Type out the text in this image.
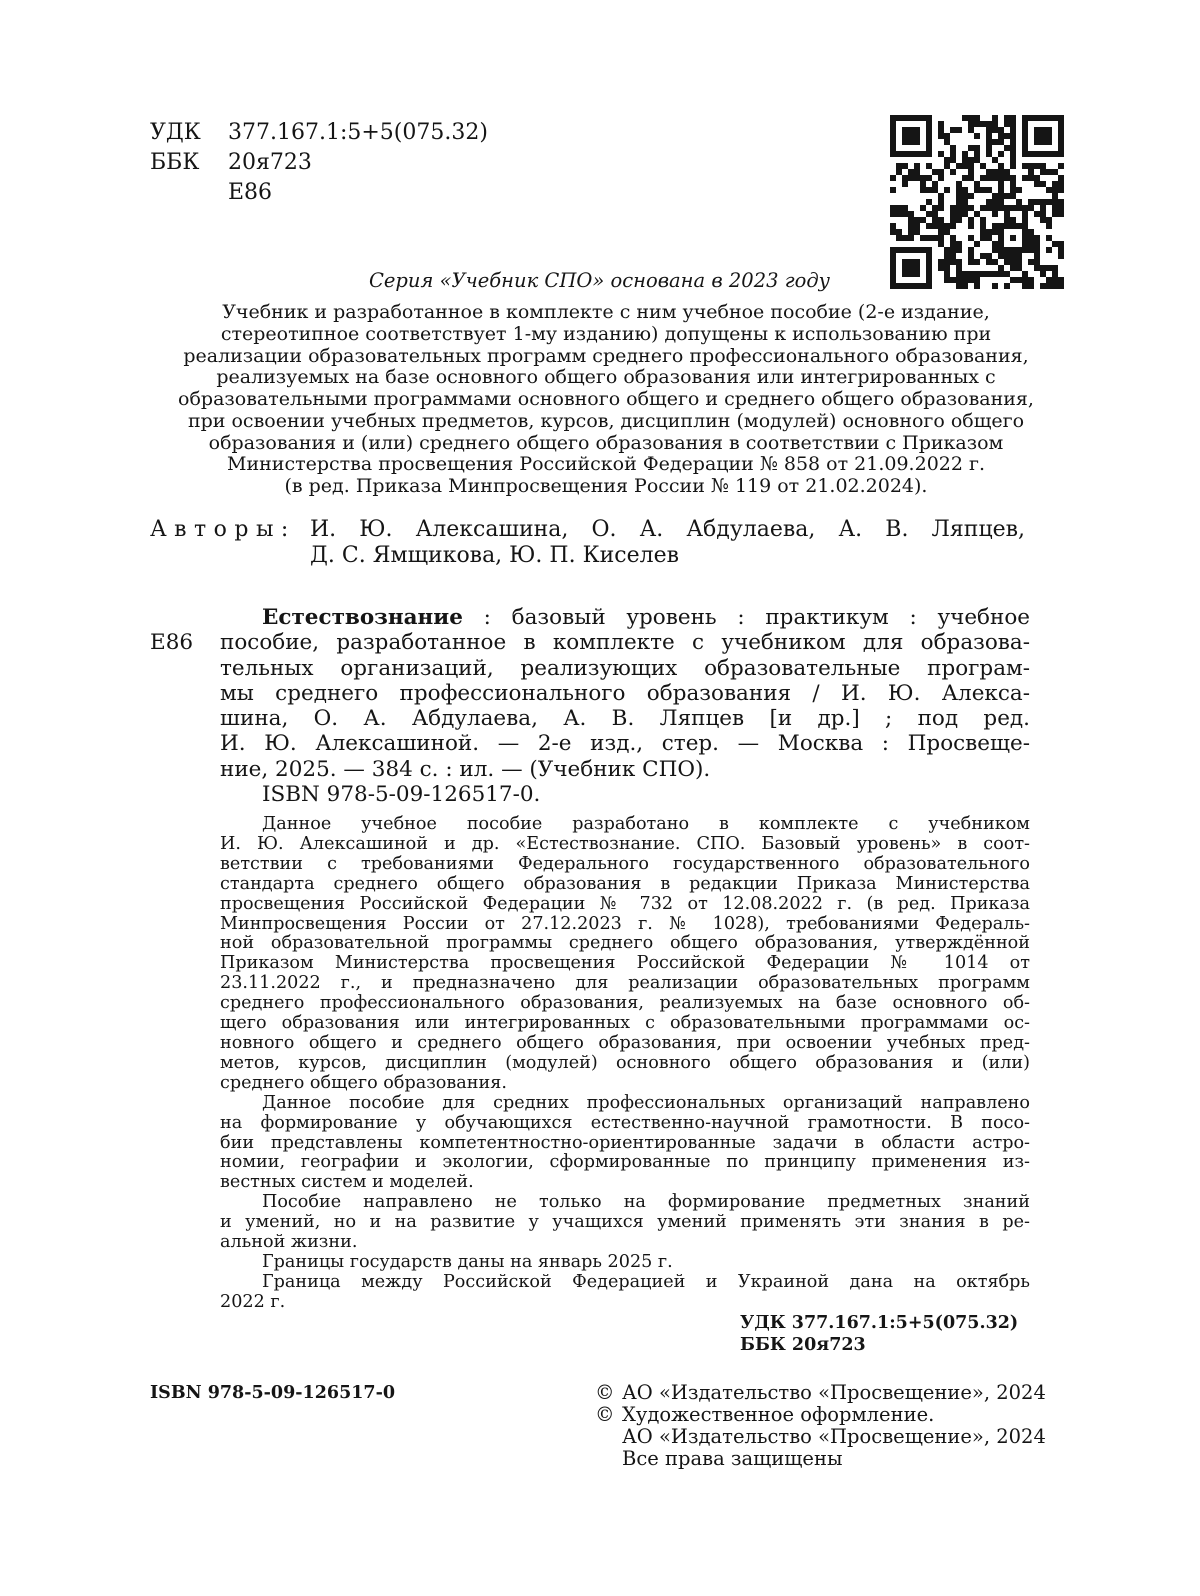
УДК	377.167.1:5+5(075.32)
ББК	20я723
Е86
Серия «Учебник СПО» основана в 2023 году
Учебник и разработанное в комплекте с ним учебное пособие (2-е издание,
стереотипное соответствует 1-му изданию) допущены к использованию при
реализации образовательных программ среднего профессионального образования,
реализуемых на базе основного общего образования или интегрированных с
образовательными программами основного общего и среднего общего образования,
при освоении учебных предметов, курсов, дисциплин (модулей) основного общего
образования и (или) среднего общего образования в соответствии с Приказом
Министерства просвещения Российской Федерации № 858 от 21.09.2022 г.
(в ред. Приказа Минпросвещения России № 119 от 21.02.2024).
Авторы: И. Ю. Алексашина, О. А. Абдулаева, А. В. Ляпцев,
Д. С. Ямщикова, Ю. П. Киселев
Е86
Естествознание : базовый уровень : практикум : учебное
пособие, разработанное в комплекте с учебником для образова-
тельных организаций, реализующих образовательные програм-
мы среднего профессионального образования / И. Ю. Алекса-
шина, О. А. Абдулаева, А. В. Ляпцев [и др.] ; под ред.
И. Ю. Алексашиной. — 2-е изд., стер. — Москва : Просвеще-
ние, 2025. — 384 с. : ил. — (Учебник СПО).
ISBN 978-5-09-126517-0.
Данное учебное пособие разработано в комплекте с учебником
И. Ю. Алексашиной и др. «Естествознание. СПО. Базовый уровень» в соот-
ветствии с требованиями Федерального государственного образовательного
стандарта среднего общего образования в редакции Приказа Министерства
просвещения Российской Федерации № 732 от 12.08.2022 г. (в ред. Приказа
Минпросвещения России от 27.12.2023 г. № 1028), требованиями Федераль-
ной образовательной программы среднего общего образования, утверждённой
Приказом Министерства просвещения Российской Федерации № 1014 от
23.11.2022 г., и предназначено для реализации образовательных программ
среднего профессионального образования, реализуемых на базе основного об-
щего образования или интегрированных с образовательными программами ос-
новного общего и среднего общего образования, при освоении учебных пред-
метов, курсов, дисциплин (модулей) основного общего образования и (или)
среднего общего образования.
Данное пособие для средних профессиональных организаций направлено
на формирование у обучающихся естественно-научной грамотности. В посо-
бии представлены компетентностно-ориентированные задачи в области астро-
номии, географии и экологии, сформированные по принципу применения из-
вестных систем и моделей.
Пособие направлено не только на формирование предметных знаний
и умений, но и на развитие у учащихся умений применять эти знания в ре-
альной жизни.
Границы государств даны на январь 2025 г.
Граница между Российской Федерацией и Украиной дана на октябрь
2022 г.
УДК 377.167.1:5+5(075.32)
ББК 20я723
ISBN 978-5-09-126517-0	© АО «Издательство «Просвещение», 2024
© Художественное оформление.
АО «Издательство «Просвещение», 2024
Все права защищены
